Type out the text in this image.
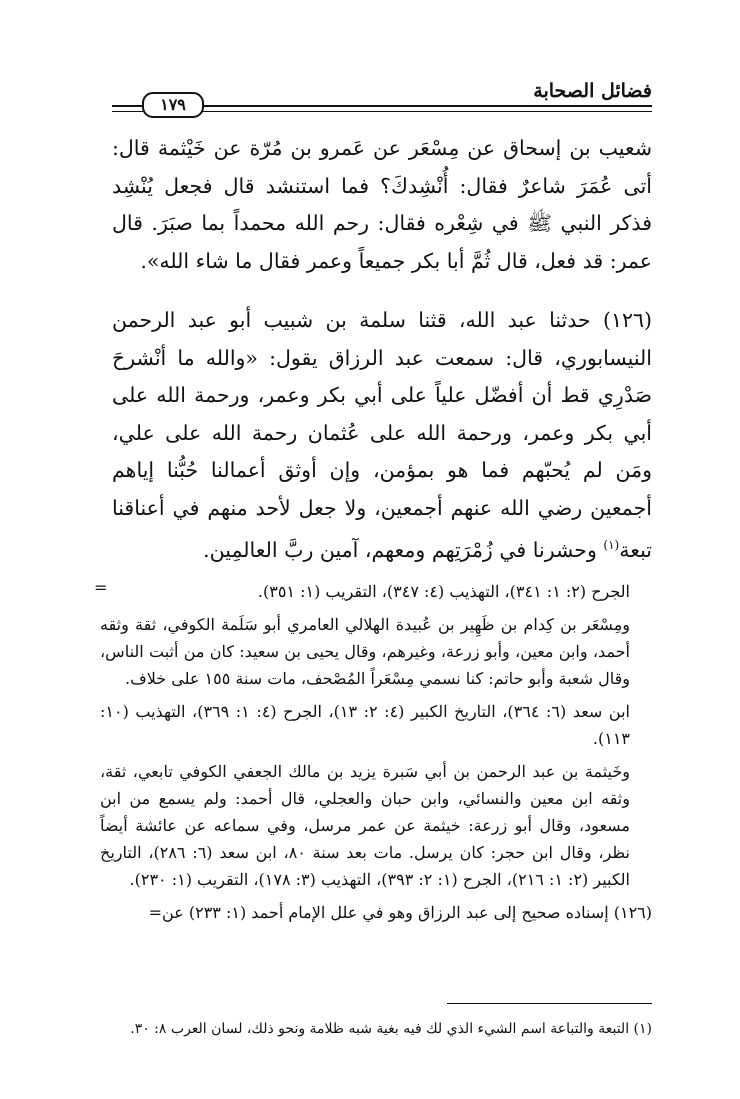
فضائل الصحابة
١٧٩

شعيب بن إسحاق عن مِسْعَر عن عَمرو بن مُرّة عن خَيْثمة قال: أتى عُمَرَ شاعرٌ فقال: أُنْشِدكَ؟ فما استنشد قال فجعل يُنْشِد فذكر النبي ﷺ في شِعْره فقال: رحم الله محمداً بما صبَرَ. قال عمر: قد فعل، قال ثُمَّ أبا بكر جميعاً وعمر فقال ما شاء الله».

(١٢٦) حدثنا عبد الله، قثنا سلمة بن شبيب أبو عبد الرحمن النيسابوري، قال: سمعت عبد الرزاق يقول: «والله ما أنْشرحَ صَدْرِي قط أن أفضّل علياً على أبي بكر وعمر، ورحمة الله على أبي بكر وعمر، ورحمة الله على عُثمان رحمة الله على علي، ومَن لم يُحبّهم فما هو بمؤمن، وإن أوثق أعمالنا حُبُّنا إياهم أجمعين رضي الله عنهم أجمعين، ولا جعل لأحد منهم في أعناقنا تبعة$^{(١)}$ وحشرنا في زُمْرَتِهم ومعهم، آمين ربَّ العالمِين.

=	الجرح (٢: ١: ٣٤١)، التهذيب (٤: ٣٤٧)، التقريب (١: ٣٥١).

ومِسْعَر بن كِدام بن ظَهِير بن عُبيدة الهلالي العامري أبو سَلَمة الكوفي، ثقة وثقه أحمد، وابن معين، وأبو زرعة، وغيرهم، وقال يحيى بن سعيد: كان من أثبت الناس، وقال شعبة وأبو حاتم: كنا نسمي مِسْعَراً المُصْحف، مات سنة ١٥٥ على خلاف.

ابن سعد (٦: ٣٦٤)، التاريخ الكبير (٤: ٢: ١٣)، الجرح (٤: ١: ٣٦٩)، التهذيب (١٠: ١١٣).

وخَيثمة بن عبد الرحمن بن أبي سَبرة يزيد بن مالك الجعفي الكوفي تابعي، ثقة، وثقه ابن معين والنسائي، وابن حبان والعجلي، قال أحمد: ولم يسمع من ابن مسعود، وقال أبو زرعة: خيثمة عن عمر مرسل، وفي سماعه عن عائشة أيضاً نظر، وقال ابن حجر: كان يرسل. مات بعد سنة ٨٠، ابن سعد (٦: ٢٨٦)، التاريخ الكبير (٢: ١: ٢١٦)، الجرح (١: ٢: ٣٩٣)، التهذيب (٣: ١٧٨)، التقريب (١: ٢٣٠).

(١٢٦) إسناده صحيح إلى عبد الرزاق وهو في علل الإمام أحمد (١: ٢٣٣) عن=

(١) التبعة والتباعة اسم الشيء الذي لك فيه بغية شبه ظلامة ونحو ذلك، لسان العرب ٨: ٣٠.
